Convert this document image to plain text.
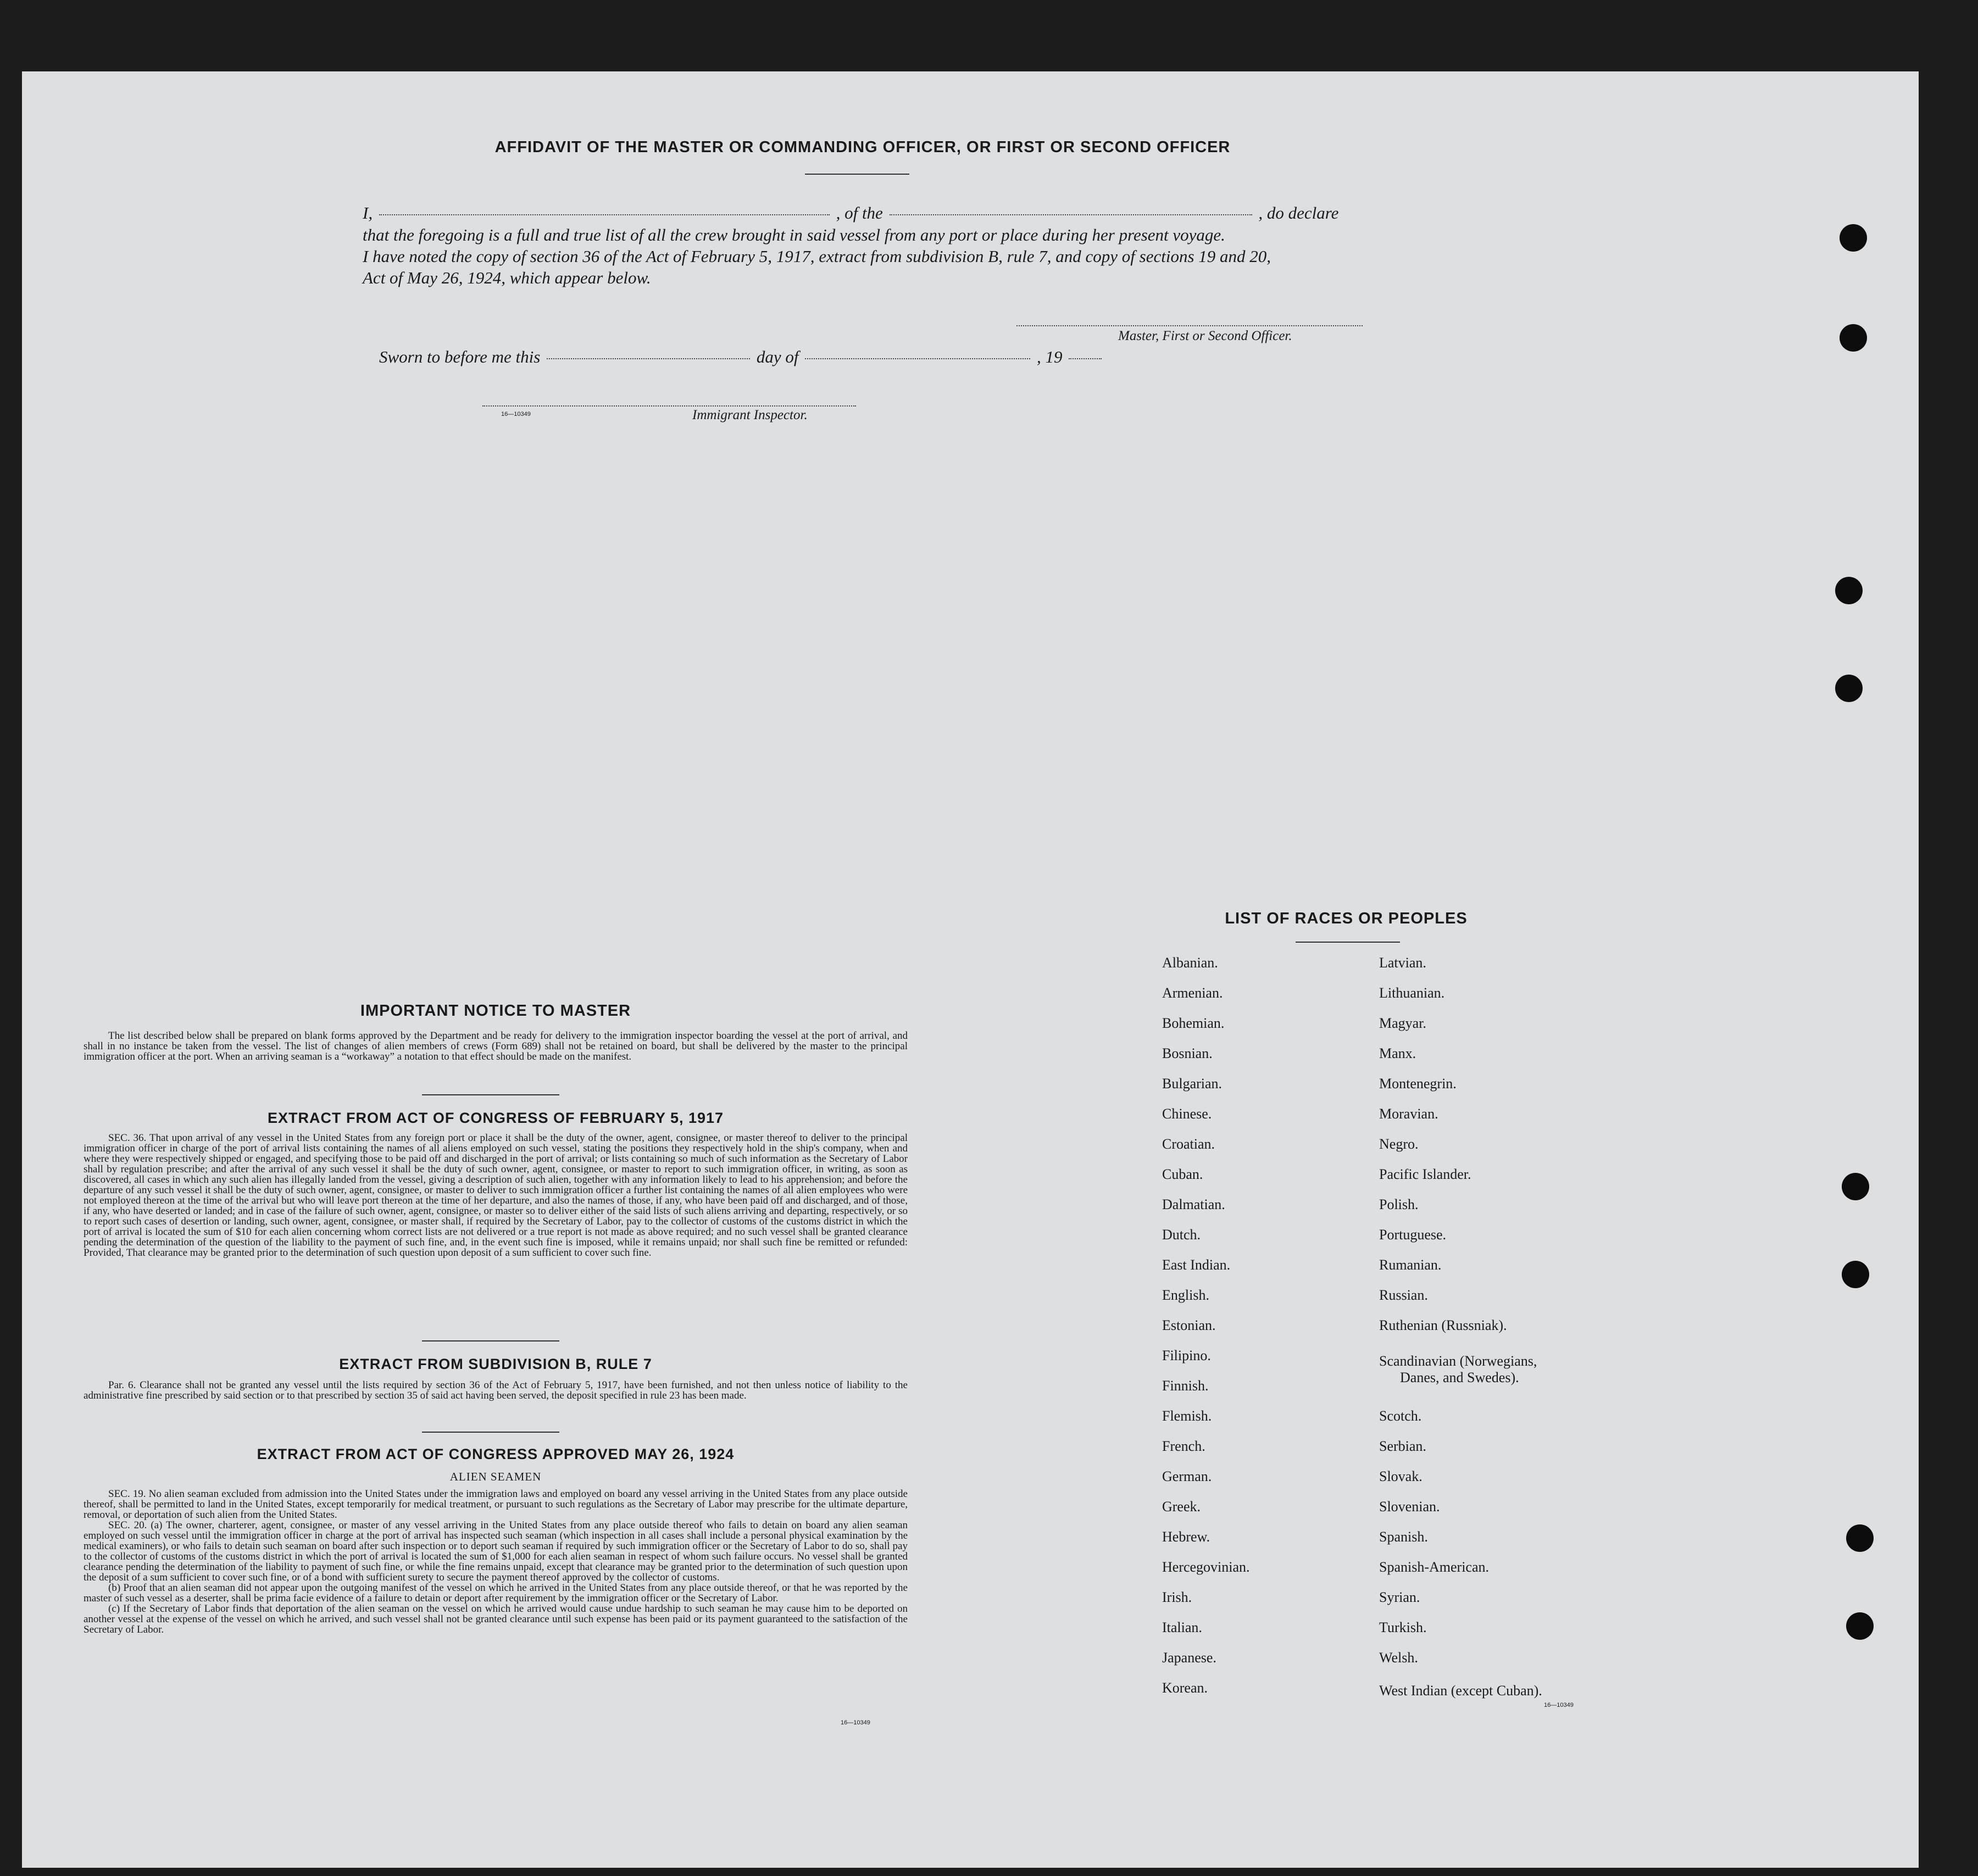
AFFIDAVIT OF THE MASTER OR COMMANDING OFFICER, OR FIRST OR SECOND OFFICER
I,	, of the	, do declare
that the foregoing is a full and true list of all the crew brought in said vessel from any port or place during her present voyage.
I have noted the copy of section 36 of the Act of February 5, 1917, extract from subdivision B, rule 7, and copy of sections 19 and 20,
Act of May 26, 1924, which appear below.
Master, First or Second Officer.
Sworn to before me this	day of	, 19
16—10349	Immigrant Inspector.
IMPORTANT NOTICE TO MASTER

The list described below shall be prepared on blank forms approved by the Department and be ready for delivery to the immigration inspector boarding the vessel at the port of arrival, and shall in no instance be taken from the vessel. The list of changes of alien members of crews (Form 689) shall not be retained on board, but shall be delivered by the master to the principal immigration officer at the port. When an arriving seaman is a “workaway” a notation to that effect should be made on the manifest.

EXTRACT FROM ACT OF CONGRESS OF FEBRUARY 5, 1917

SEC. 36. That upon arrival of any vessel in the United States from any foreign port or place it shall be the duty of the owner, agent, consignee, or master thereof to deliver to the principal immigration officer in charge of the port of arrival lists containing the names of all aliens employed on such vessel, stating the positions they respectively hold in the ship's company, when and where they were respectively shipped or engaged, and specifying those to be paid off and discharged in the port of arrival; or lists containing so much of such information as the Secretary of Labor shall by regulation prescribe; and after the arrival of any such vessel it shall be the duty of such owner, agent, consignee, or master to report to such immigration officer, in writing, as soon as discovered, all cases in which any such alien has illegally landed from the vessel, giving a description of such alien, together with any information likely to lead to his apprehension; and before the departure of any such vessel it shall be the duty of such owner, agent, consignee, or master to deliver to such immigration officer a further list containing the names of all alien employees who were not employed thereon at the time of the arrival but who will leave port thereon at the time of her departure, and also the names of those, if any, who have been paid off and discharged, and of those, if any, who have deserted or landed; and in case of the failure of such owner, agent, consignee, or master so to deliver either of the said lists of such aliens arriving and departing, respectively, or so to report such cases of desertion or landing, such owner, agent, consignee, or master shall, if required by the Secretary of Labor, pay to the collector of customs of the customs district in which the port of arrival is located the sum of $10 for each alien concerning whom correct lists are not delivered or a true report is not made as above required; and no such vessel shall be granted clearance pending the determination of the question of the liability to the payment of such fine, and, in the event such fine is imposed, while it remains unpaid; nor shall such fine be remitted or refunded: Provided, That clearance may be granted prior to the determination of such question upon deposit of a sum sufficient to cover such fine.

EXTRACT FROM SUBDIVISION B, RULE 7

Par. 6. Clearance shall not be granted any vessel until the lists required by section 36 of the Act of February 5, 1917, have been furnished, and not then unless notice of liability to the administrative fine prescribed by said section or to that prescribed by section 35 of said act having been served, the deposit specified in rule 23 has been made.

EXTRACT FROM ACT OF CONGRESS APPROVED MAY 26, 1924
ALIEN SEAMEN

SEC. 19. No alien seaman excluded from admission into the United States under the immigration laws and employed on board any vessel arriving in the United States from any place outside thereof, shall be permitted to land in the United States, except temporarily for medical treatment, or pursuant to such regulations as the Secretary of Labor may prescribe for the ultimate departure, removal, or deportation of such alien from the United States.

SEC. 20. (a) The owner, charterer, agent, consignee, or master of any vessel arriving in the United States from any place outside thereof who fails to detain on board any alien seaman employed on such vessel until the immigration officer in charge at the port of arrival has inspected such seaman (which inspection in all cases shall include a personal physical examination by the medical examiners), or who fails to detain such seaman on board after such inspection or to deport such seaman if required by such immigration officer or the Secretary of Labor to do so, shall pay to the collector of customs of the customs district in which the port of arrival is located the sum of $1,000 for each alien seaman in respect of whom such failure occurs. No vessel shall be granted clearance pending the determination of the liability to payment of such fine, or while the fine remains unpaid, except that clearance may be granted prior to the determination of such question upon the deposit of a sum sufficient to cover such fine, or of a bond with sufficient surety to secure the payment thereof approved by the collector of customs.

(b) Proof that an alien seaman did not appear upon the outgoing manifest of the vessel on which he arrived in the United States from any place outside thereof, or that he was reported by the master of such vessel as a deserter, shall be prima facie evidence of a failure to detain or deport after requirement by the immigration officer or the Secretary of Labor.

(c) If the Secretary of Labor finds that deportation of the alien seaman on the vessel on which he arrived would cause undue hardship to such seaman he may cause him to be deported on another vessel at the expense of the vessel on which he arrived, and such vessel shall not be granted clearance until such expense has been paid or its payment guaranteed to the satisfaction of the Secretary of Labor.

16—10349
LIST OF RACES OR PEOPLES
Albanian.
Armenian.
Bohemian.
Bosnian.
Bulgarian.
Chinese.
Croatian.
Cuban.
Dalmatian.
Dutch.
East Indian.
English.
Estonian.
Filipino.
Finnish.
Flemish.
French.
German.
Greek.
Hebrew.
Hercegovinian.
Irish.
Italian.
Japanese.
Korean.
Latvian.
Lithuanian.
Magyar.
Manx.
Montenegrin.
Moravian.
Negro.
Pacific Islander.
Polish.
Portuguese.
Rumanian.
Russian.
Ruthenian (Russniak).
Scandinavian (Norwegians,
Danes, and Swedes).
Scotch.
Serbian.
Slovak.
Slovenian.
Spanish.
Spanish-American.
Syrian.
Turkish.
Welsh.
West Indian (except Cuban).
16—10349
